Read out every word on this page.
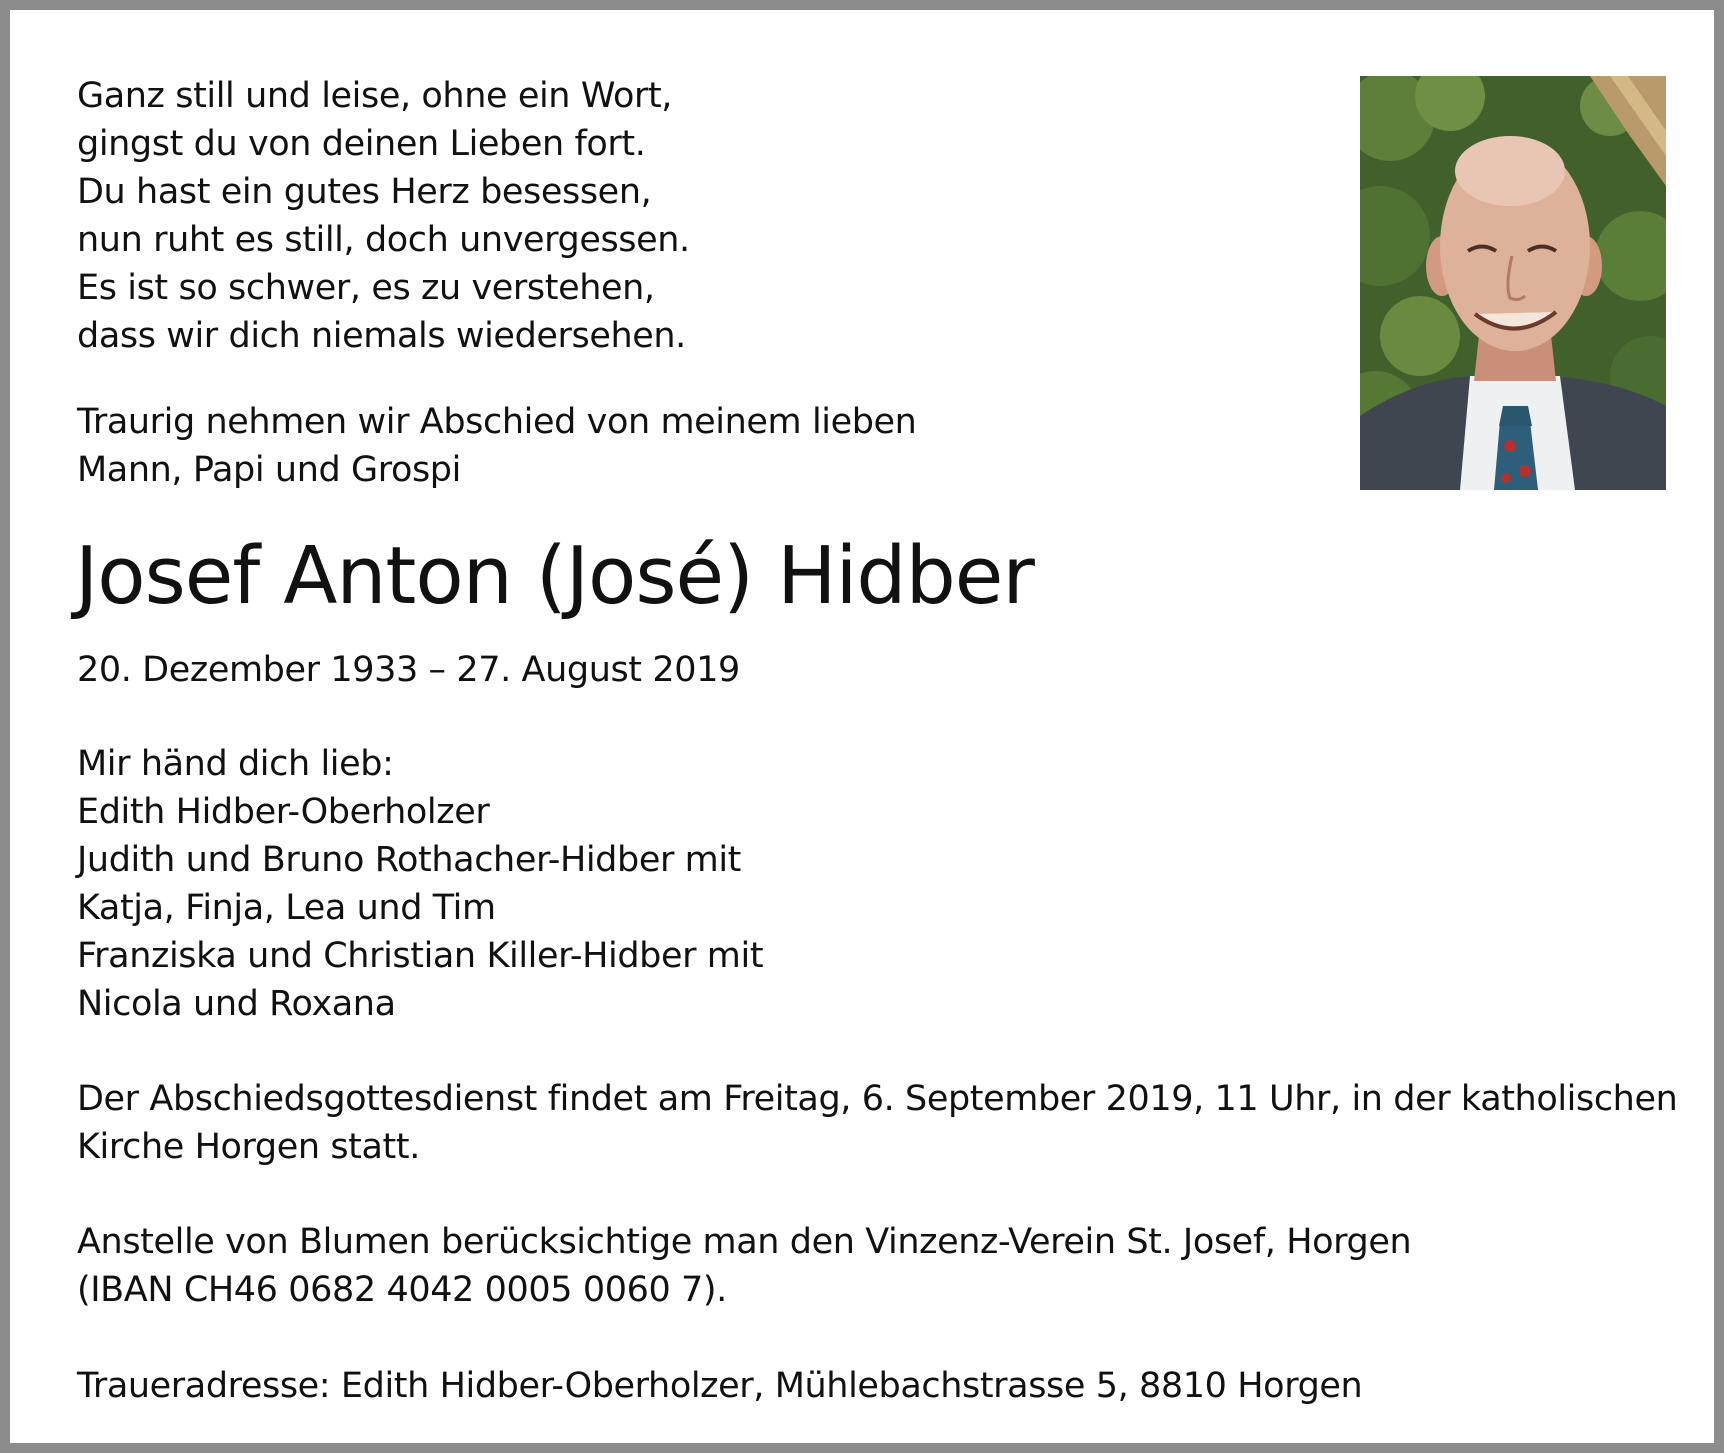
Ganz still und leise, ohne ein Wort,
gingst du von deinen Lieben fort.
Du hast ein gutes Herz besessen,
nun ruht es still, doch unvergessen.
Es ist so schwer, es zu verstehen,
dass wir dich niemals wiedersehen.

Traurig nehmen wir Abschied von meinem lieben
Mann, Papi und Grospi

Josef Anton (José) Hidber

20. Dezember 1933 – 27. August 2019

Mir händ dich lieb:
Edith Hidber-Oberholzer
Judith und Bruno Rothacher-Hidber mit
Katja, Finja, Lea und Tim
Franziska und Christian Killer-Hidber mit
Nicola und Roxana

Der Abschiedsgottesdienst findet am Freitag, 6. September 2019, 11 Uhr, in der katholischen
Kirche Horgen statt.

Anstelle von Blumen berücksichtige man den Vinzenz-Verein St. Josef, Horgen
(IBAN CH46 0682 4042 0005 0060 7).

Traueradresse: Edith Hidber-Oberholzer, Mühlebachstrasse 5, 8810 Horgen
